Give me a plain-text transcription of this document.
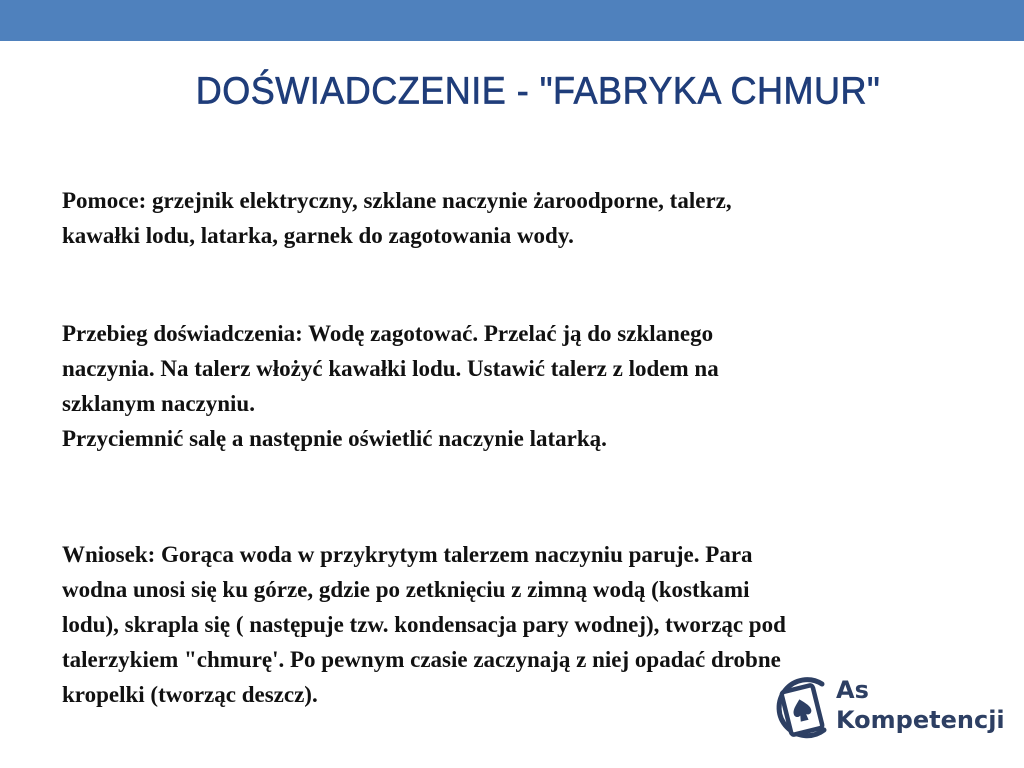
DOŚWIADCZENIE - "FABRYKA CHMUR"

Pomoce: grzejnik elektryczny, szklane naczynie żaroodporne, talerz,
kawałki lodu, latarka, garnek do zagotowania wody.

Przebieg doświadczenia: Wodę zagotować. Przelać ją do szklanego
naczynia. Na talerz włożyć kawałki lodu. Ustawić talerz z lodem na
szklanym naczyniu.
Przyciemnić salę a następnie oświetlić naczynie latarką.

Wniosek: Gorąca woda w przykrytym talerzem naczyniu paruje. Para
wodna unosi się ku górze, gdzie po zetknięciu z zimną wodą (kostkami
lodu), skrapla się ( następuje tzw. kondensacja pary wodnej), tworząc pod
talerzykiem "chmurę'. Po pewnym czasie zaczynają z niej opadać drobne
kropelki (tworząc deszcz).	As
Kompetencji
